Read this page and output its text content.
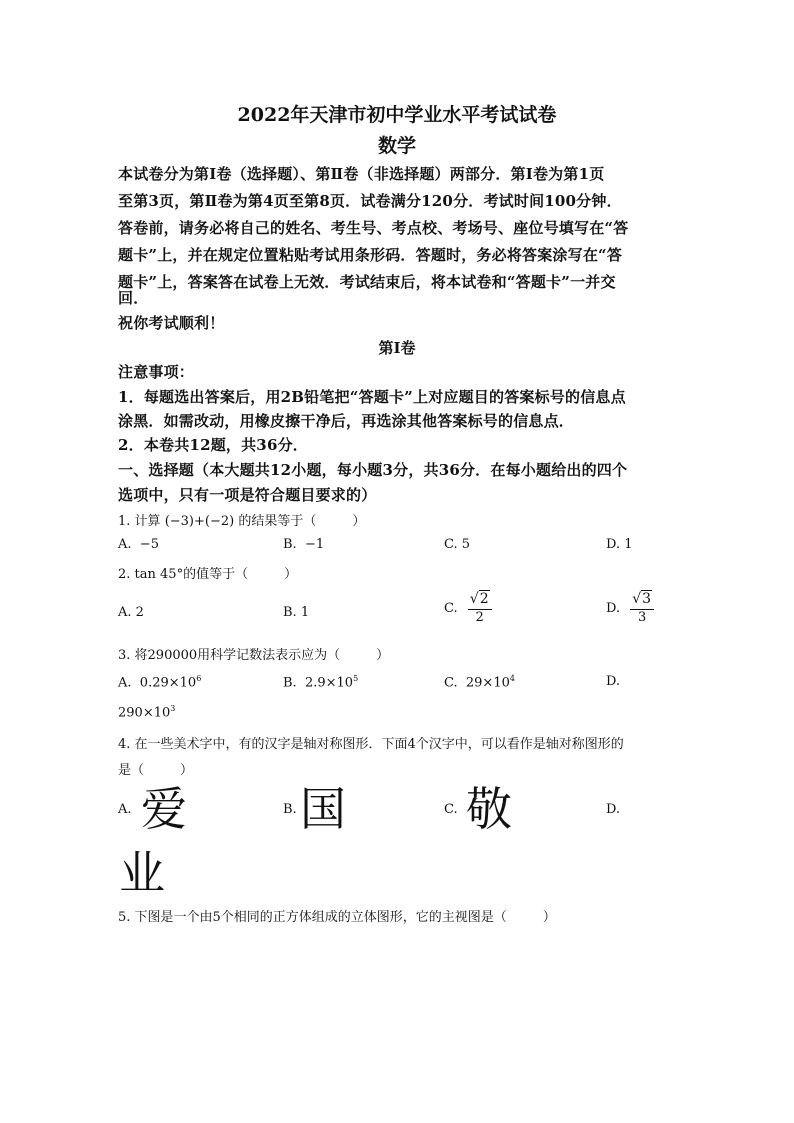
2022年天津市初中学业水平考试试卷
数学
本试卷分为第Ⅰ卷（选择题）、第Ⅱ卷（非选择题）两部分．第Ⅰ卷为第1页
至第3页，第Ⅱ卷为第4页至第8页．试卷满分120分．考试时间100分钟．
答卷前，请务必将自己的姓名、考生号、考点校、考场号、座位号填写在“答
题卡”上，并在规定位置粘贴考试用条形码．答题时，务必将答案涂写在“答
题卡”上，答案答在试卷上无效．考试结束后，将本试卷和“答题卡”一并交
回．
祝你考试顺利！
第Ⅰ卷
注意事项：
1．每题选出答案后，用2B铅笔把“答题卡”上对应题目的答案标号的信息点
涂黑．如需改动，用橡皮擦干净后，再选涂其他答案标号的信息点．
2．本卷共12题，共36分．
一、选择题（本大题共12小题，每小题3分，共36分．在每小题给出的四个
选项中，只有一项是符合题目要求的）
1. 计算 (−3)+(−2) 的结果等于（	）
A. −5	B. −1	C. 5	D. 1
2. tan 45°的值等于（	）
A. 2	B. 1	C. $\frac{√2}{2}$	D. $\frac{√3}{3}$
3. 将290000用科学记数法表示应为（	）
A. $0.29\times 10^6$	B. $2.9\times 10^5$	C. $29\times 10^4$	D.
$290\times 10^3$
4. 在一些美术字中，有的汉字是轴对称图形．下面4个汉字中，可以看作是轴对称图形的
是（	）
A. 爱	B. 国	C. 敬	D.
业
5. 下图是一个由5个相同的正方体组成的立体图形，它的主视图是（	）
